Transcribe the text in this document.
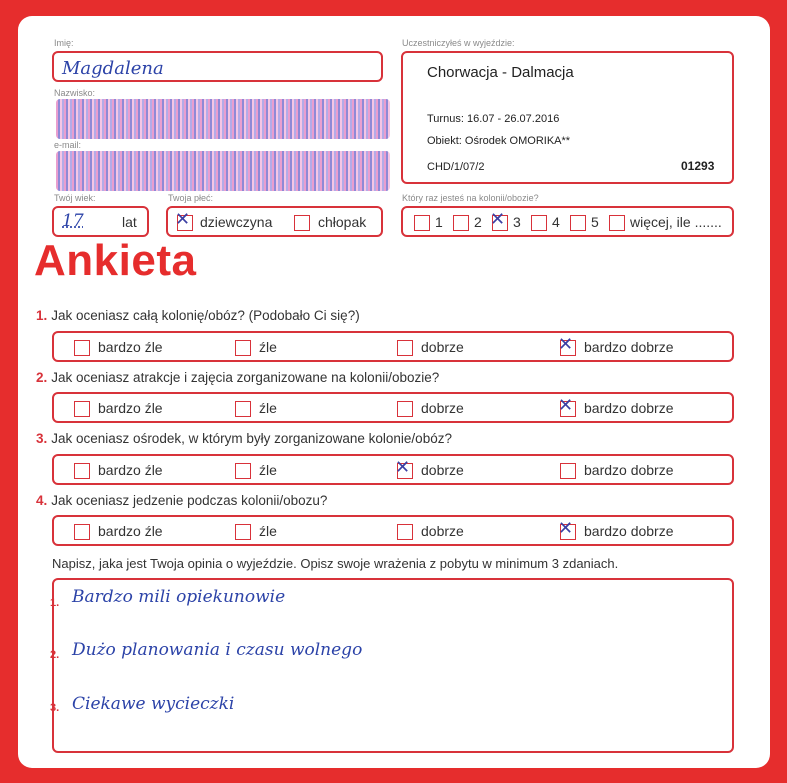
Imię:
Magdalena
Nazwisko:
e-mail:
Twój wiek:
17	lat
Twoja płeć:
✕ dziewczyna	chłopak
Uczestniczyłeś w wyjeździe:
Chorwacja - Dalmacja
Turnus: 16.07 - 26.07.2016
Obiekt: Ośrodek OMORIKA**
CHD/1/07/2	01293
Który raz jesteś na kolonii/obozie?
1 2 ✕ 3 4 5 więcej, ile .......
Ankieta
1. Jak oceniasz całą kolonię/obóz? (Podobało Ci się?)
bardzo źle	źle	dobrze	✕ bardzo dobrze
2. Jak oceniasz atrakcje i zajęcia zorganizowane na kolonii/obozie?
bardzo źle	źle	dobrze	✕ bardzo dobrze
3. Jak oceniasz ośrodek, w którym były zorganizowane kolonie/obóz?
bardzo źle	źle	✕ dobrze	bardzo dobrze
4. Jak oceniasz jedzenie podczas kolonii/obozu?
bardzo źle	źle	dobrze	✕ bardzo dobrze
Napisz, jaka jest Twoja opinia o wyjeździe. Opisz swoje wrażenia z pobytu w minimum 3 zdaniach.
1. Bardzo mili opiekunowie
2. Dużo planowania i czasu wolnego
3. Ciekawe wycieczki
